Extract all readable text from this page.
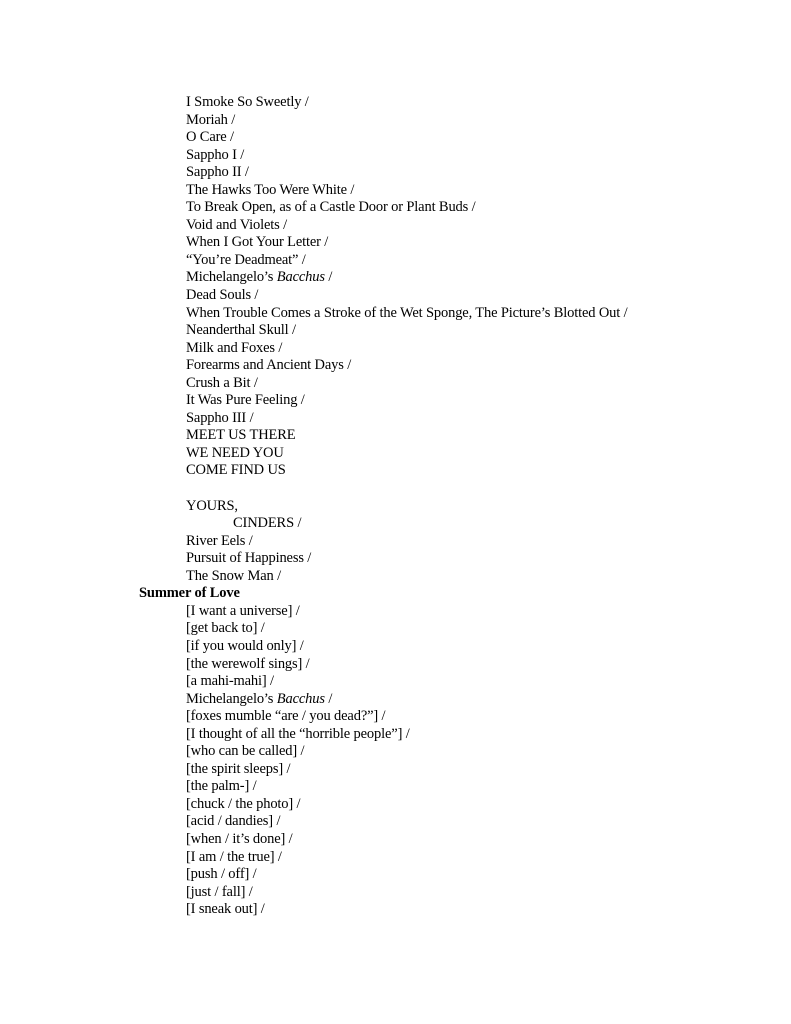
I Smoke So Sweetly /
Moriah /
O Care /
Sappho I /
Sappho II /
The Hawks Too Were White /
To Break Open, as of a Castle Door or Plant Buds /
Void and Violets /
When I Got Your Letter /
“You’re Deadmeat” /
Michelangelo’s Bacchus /
Dead Souls /
When Trouble Comes a Stroke of the Wet Sponge, The Picture’s Blotted Out /
Neanderthal Skull /
Milk and Foxes /
Forearms and Ancient Days /
Crush a Bit /
It Was Pure Feeling /
Sappho III /
MEET US THERE
WE NEED YOU
COME FIND US
YOURS,
CINDERS /
River Eels /
Pursuit of Happiness /
The Snow Man /
Summer of Love
[I want a universe] /
[get back to] /
[if you would only] /
[the werewolf sings] /
[a mahi-mahi] /
Michelangelo’s Bacchus /
[foxes mumble “are / you dead?”] /
[I thought of all the “horrible people”] /
[who can be called] /
[the spirit sleeps] /
[the palm-] /
[chuck / the photo] /
[acid / dandies] /
[when / it’s done] /
[I am / the true] /
[push / off] /
[just / fall] /
[I sneak out] /
